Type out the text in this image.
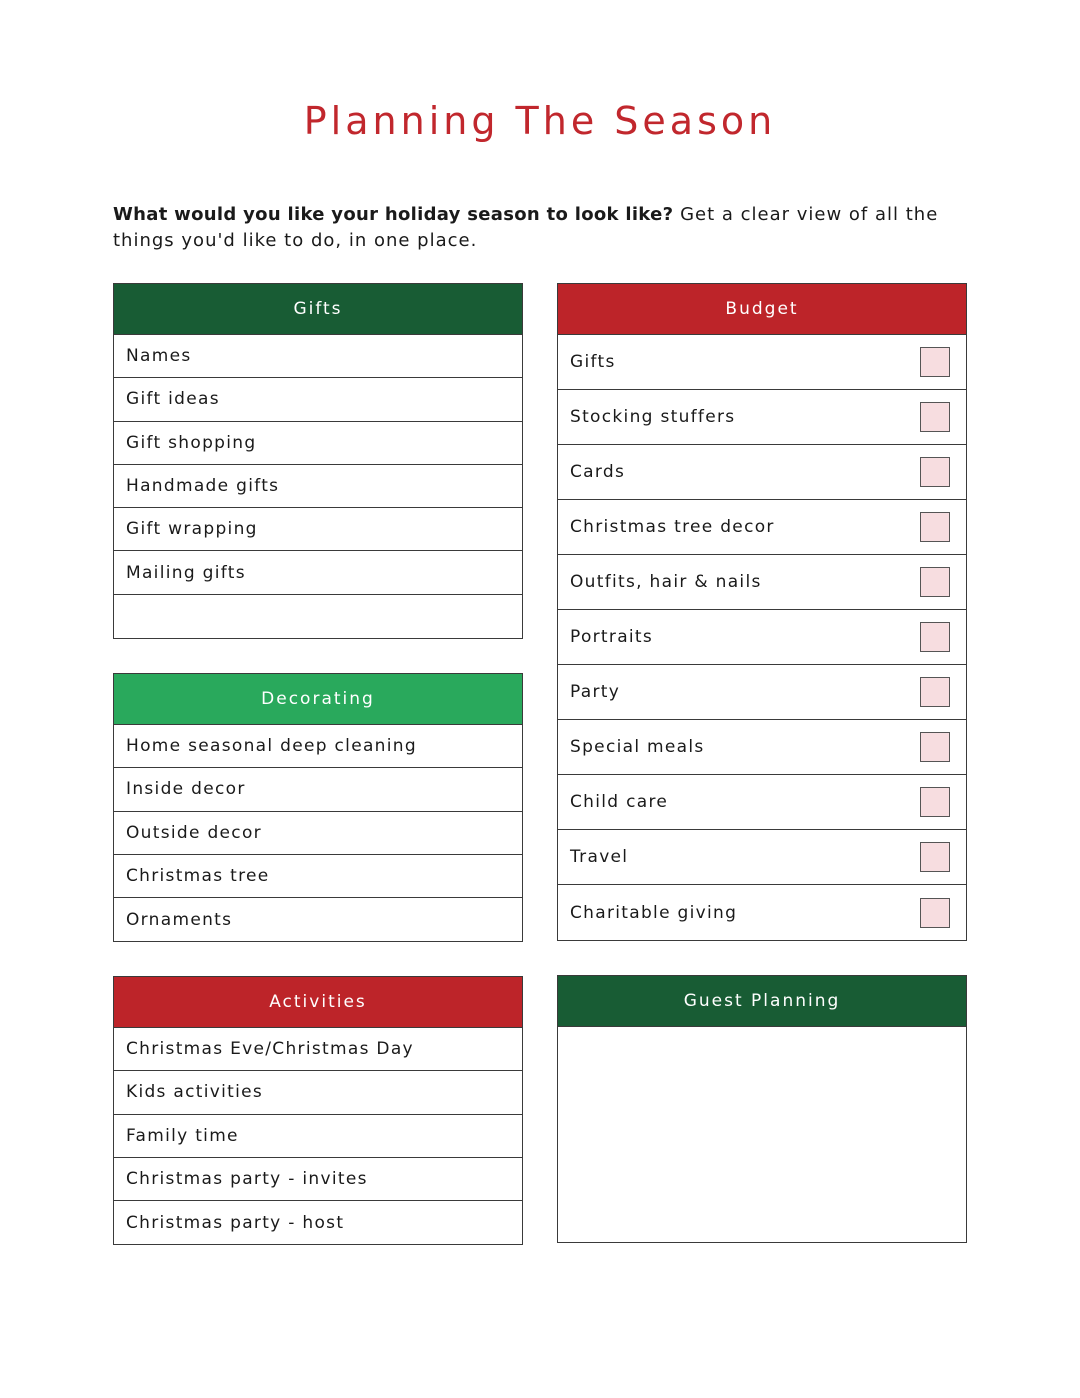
Planning The Season

What would you like your holiday season to look like? Get a clear view of all the things you'd like to do, in one place.

Gifts
Names
Gift ideas
Gift shopping
Handmade gifts
Gift wrapping
Mailing gifts
Decorating
Home seasonal deep cleaning
Inside decor
Outside decor
Christmas tree
Ornaments
Activities
Christmas Eve/Christmas Day
Kids activities
Family time
Christmas party - invites
Christmas party - host
Budget
Gifts
Stocking stuffers
Cards
Christmas tree decor
Outfits, hair & nails
Portraits
Party
Special meals
Child care
Travel
Charitable giving
Guest Planning
